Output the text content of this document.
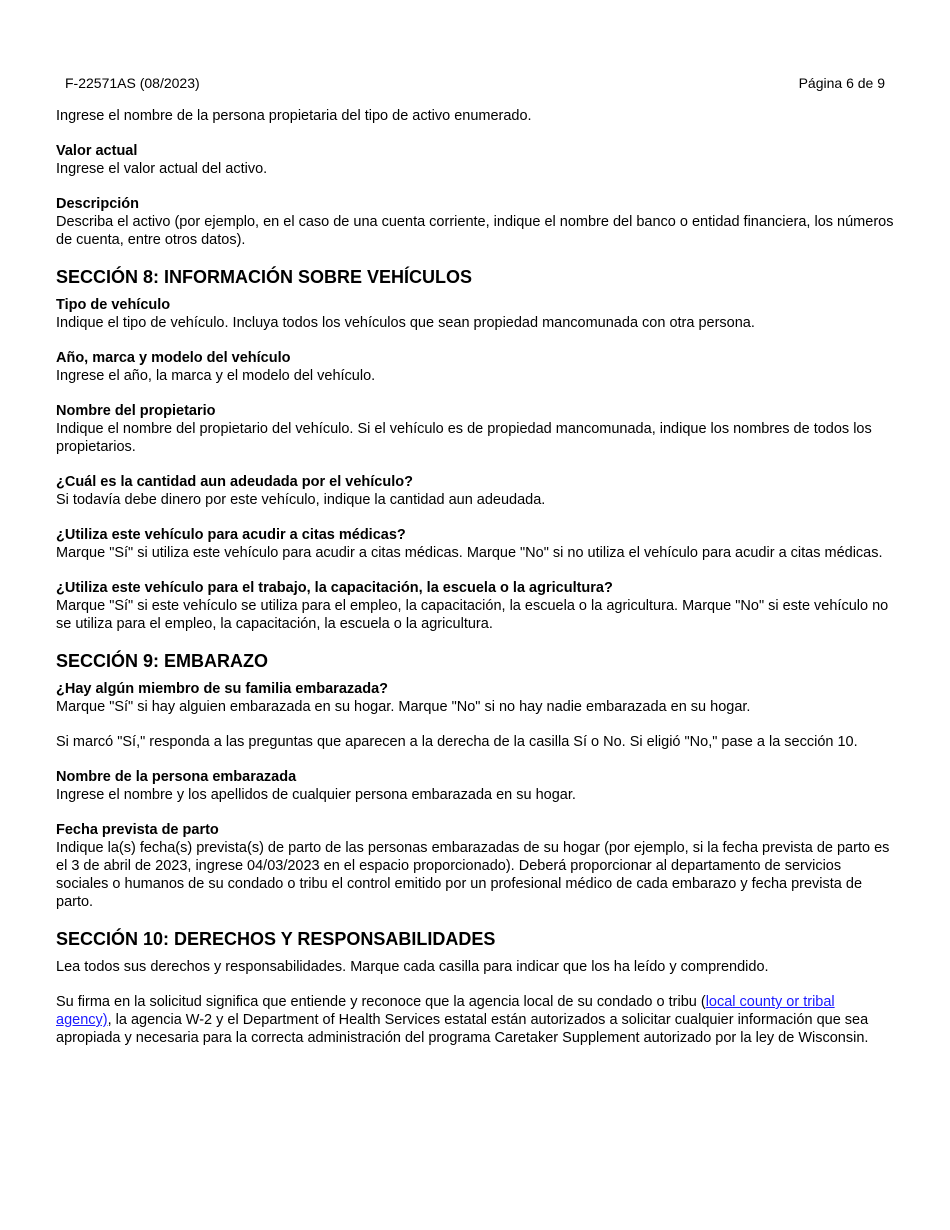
F-22571AS (08/2023)	Página 6 de 9

Ingrese el nombre de la persona propietaria del tipo de activo enumerado.

Valor actual
Ingrese el valor actual del activo.
Descripción
Describa el activo (por ejemplo, en el caso de una cuenta corriente, indique el nombre del banco o entidad financiera, los números de cuenta, entre otros datos).
SECCIÓN 8: INFORMACIÓN SOBRE VEHÍCULOS
Tipo de vehículo
Indique el tipo de vehículo. Incluya todos los vehículos que sean propiedad mancomunada con otra persona.
Año, marca y modelo del vehículo
Ingrese el año, la marca y el modelo del vehículo.
Nombre del propietario
Indique el nombre del propietario del vehículo. Si el vehículo es de propiedad mancomunada, indique los nombres de todos los propietarios.
¿Cuál es la cantidad aun adeudada por el vehículo?
Si todavía debe dinero por este vehículo, indique la cantidad aun adeudada.
¿Utiliza este vehículo para acudir a citas médicas?
Marque "Sí" si utiliza este vehículo para acudir a citas médicas. Marque "No" si no utiliza el vehículo para acudir a citas médicas.
¿Utiliza este vehículo para el trabajo, la capacitación, la escuela o la agricultura?
Marque "Sí" si este vehículo se utiliza para el empleo, la capacitación, la escuela o la agricultura. Marque "No" si este vehículo no se utiliza para el empleo, la capacitación, la escuela o la agricultura.
SECCIÓN 9: EMBARAZO
¿Hay algún miembro de su familia embarazada?
Marque "Sí" si hay alguien embarazada en su hogar. Marque "No" si no hay nadie embarazada en su hogar.

Si marcó "Sí," responda a las preguntas que aparecen a la derecha de la casilla Sí o No. Si eligió "No," pase a la sección 10.

Nombre de la persona embarazada
Ingrese el nombre y los apellidos de cualquier persona embarazada en su hogar.
Fecha prevista de parto
Indique la(s) fecha(s) prevista(s) de parto de las personas embarazadas de su hogar (por ejemplo, si la fecha prevista de parto es el 3 de abril de 2023, ingrese 04/03/2023 en el espacio proporcionado). Deberá proporcionar al departamento de servicios sociales o humanos de su condado o tribu el control emitido por un profesional médico de cada embarazo y fecha prevista de parto.
SECCIÓN 10: DERECHOS Y RESPONSABILIDADES

Lea todos sus derechos y responsabilidades. Marque cada casilla para indicar que los ha leído y comprendido.

Su firma en la solicitud significa que entiende y reconoce que la agencia local de su condado o tribu (local county or tribal agency), la agencia W-2 y el Department of Health Services estatal están autorizados a solicitar cualquier información que sea apropiada y necesaria para la correcta administración del programa Caretaker Supplement autorizado por la ley de Wisconsin.
